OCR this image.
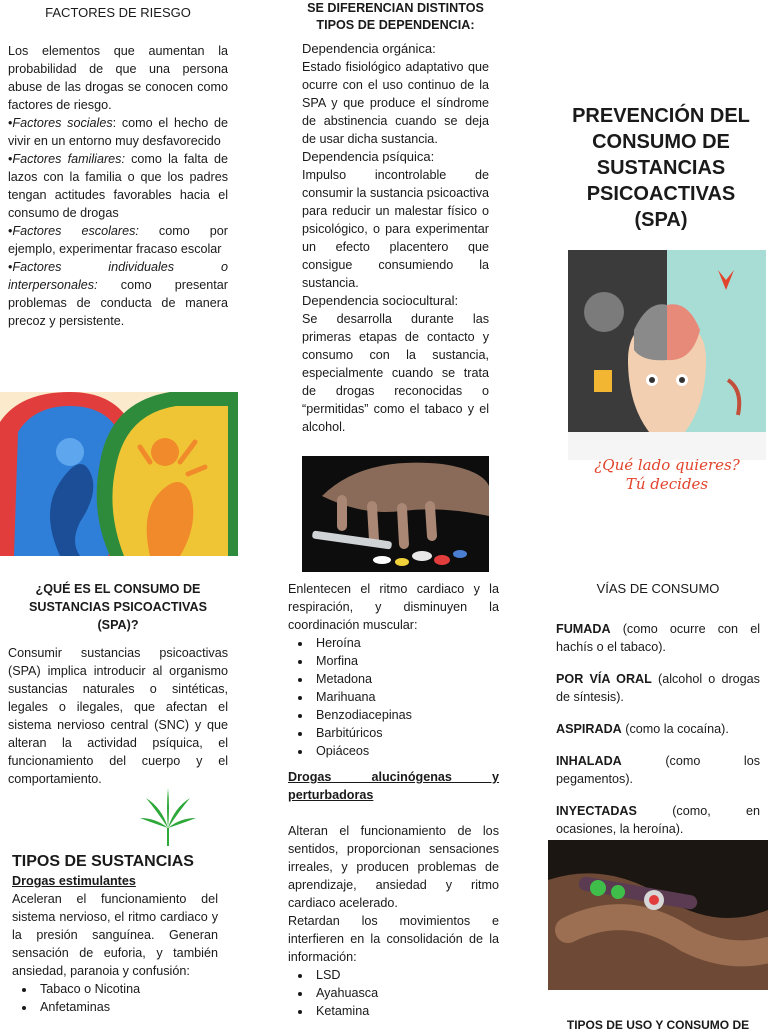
FACTORES DE RIESGO

Los elementos que aumentan la probabilidad de que una persona abuse de las drogas se conocen como factores de riesgo.

•Factores sociales: como el hecho de vivir en un entorno muy desfavorecido

•Factores familiares: como la falta de lazos con la familia o que los padres tengan actitudes favorables hacia el consumo de drogas

•Factores escolares: como por ejemplo, experimentar fracaso escolar

•Factores individuales o interpersonales: como presentar problemas de conducta de manera precoz y persistente.

SE DIFERENCIAN DISTINTOS TIPOS DE DEPENDENCIA:
Dependencia orgánica:

Estado fisiológico adaptativo que ocurre con el uso continuo de la SPA y que produce el síndrome de abstinencia cuando se deja de usar dicha sustancia.

Dependencia psíquica:

Impulso incontrolable de consumir la sustancia psicoactiva para reducir un malestar físico o psicológico, o para experimentar un efecto placentero que consigue consumiendo la sustancia.

Dependencia sociocultural:

Se desarrolla durante las primeras etapas de contacto y consumo con la sustancia, especialmente cuando se trata de drogas reconocidas o “permitidas” como el tabaco y el alcohol.

PREVENCIÓN DEL CONSUMO DE SUSTANCIAS PSICOACTIVAS (SPA)
¿Qué lado quieres?
Tú decides
¿QUÉ ES EL CONSUMO DE SUSTANCIAS PSICOACTIVAS (SPA)?

Consumir sustancias psicoactivas (SPA) implica introducir al organismo sustancias naturales o sintéticas, legales o ilegales, que afectan el sistema nervioso central (SNC) y que alteran la actividad psíquica, el funcionamiento del cuerpo y el comportamiento.

TIPOS DE SUSTANCIAS
Drogas estimulantes

Aceleran el funcionamiento del sistema nervioso, el ritmo cardiaco y la presión sanguínea. Generan sensación de euforia, y también ansiedad, paranoia y confusión:

• Tabaco o Nicotina
• Anfetaminas

Enlentecen el ritmo cardiaco y la respiración, y disminuyen la coordinación muscular:

• Heroína
• Morfina
• Metadona
• Marihuana
• Benzodiacepinas
• Barbitúricos
• Opiáceos

Drogas alucinógenas y perturbadoras

Alteran el funcionamiento de los sentidos, proporcionan sensaciones irreales, y producen problemas de aprendizaje, ansiedad y ritmo cardiaco acelerado.

Retardan los movimientos e interfieren en la consolidación de la información:

• LSD
• Ayahuasca
• Ketamina
VÍAS DE CONSUMO

FUMADA (como ocurre con el hachís o el tabaco).

POR VÍA ORAL (alcohol o drogas de síntesis).

ASPIRADA (como la cocaína).

INHALADA (como los pegamentos).

INYECTADAS (como, en ocasiones, la heroína).

TIPOS DE USO Y CONSUMO DE
